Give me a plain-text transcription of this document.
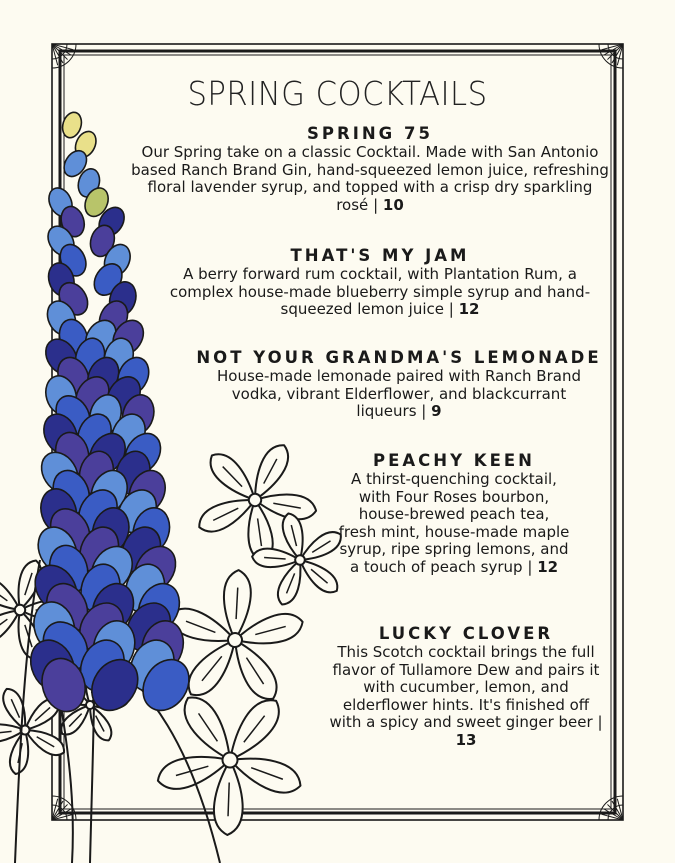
SPRING COCKTAILS
SPRING 75
Our Spring take on a classic Cocktail. Made with San Antonio based Ranch Brand Gin, hand-squeezed lemon juice, refreshing floral lavender syrup, and topped with a crisp dry sparkling rosé | 10
THAT'S MY JAM
A berry forward rum cocktail, with Plantation Rum, a complex house-made blueberry simple syrup and hand-squeezed lemon juice | 12
NOT YOUR GRANDMA'S LEMONADE
House-made lemonade paired with Ranch Brand vodka, vibrant Elderflower, and blackcurrant liqueurs | 9
PEACHY KEEN
A thirst-quenching cocktail, with Four Roses bourbon, house-brewed peach tea, fresh mint, house-made maple syrup, ripe spring lemons, and a touch of peach syrup | 12
LUCKY CLOVER
This Scotch cocktail brings the full flavor of Tullamore Dew and pairs it with cucumber, lemon, and elderflower hints. It's finished off with a spicy and sweet ginger beer | 13
